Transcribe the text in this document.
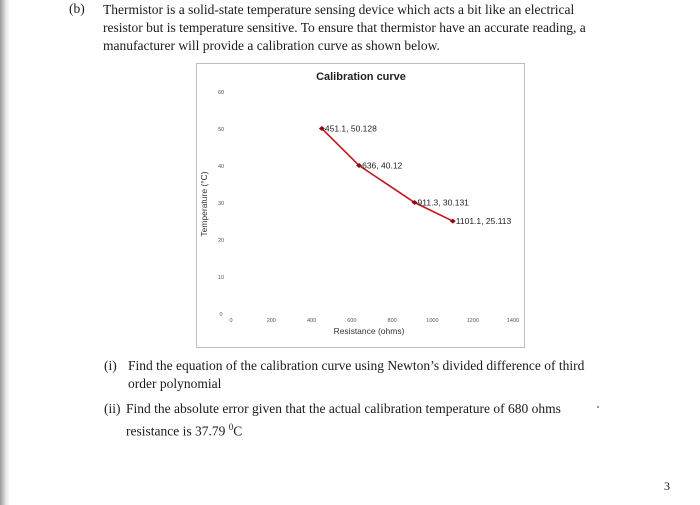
(b) Thermistor is a solid-state temperature sensing device which acts a bit like an electrical
resistor but is temperature sensitive. To ensure that thermistor have an accurate reading, a
manufacturer will provide a calibration curve as shown below.
Calibration curve
0
10
20
30
40
50
60
0	200	400	600	800	1000	1200	1400
Temperature (°C)
Resistance (ohms)
451.1, 50.128
636, 40.12
911.3, 30.131
1101.1, 25.113
(i) Find the equation of the calibration curve using Newton’s divided difference of third
order polynomial
(ii) Find the absolute error given that the actual calibration temperature of 680 ohms
resistance is 37.79 $^0$C
3
